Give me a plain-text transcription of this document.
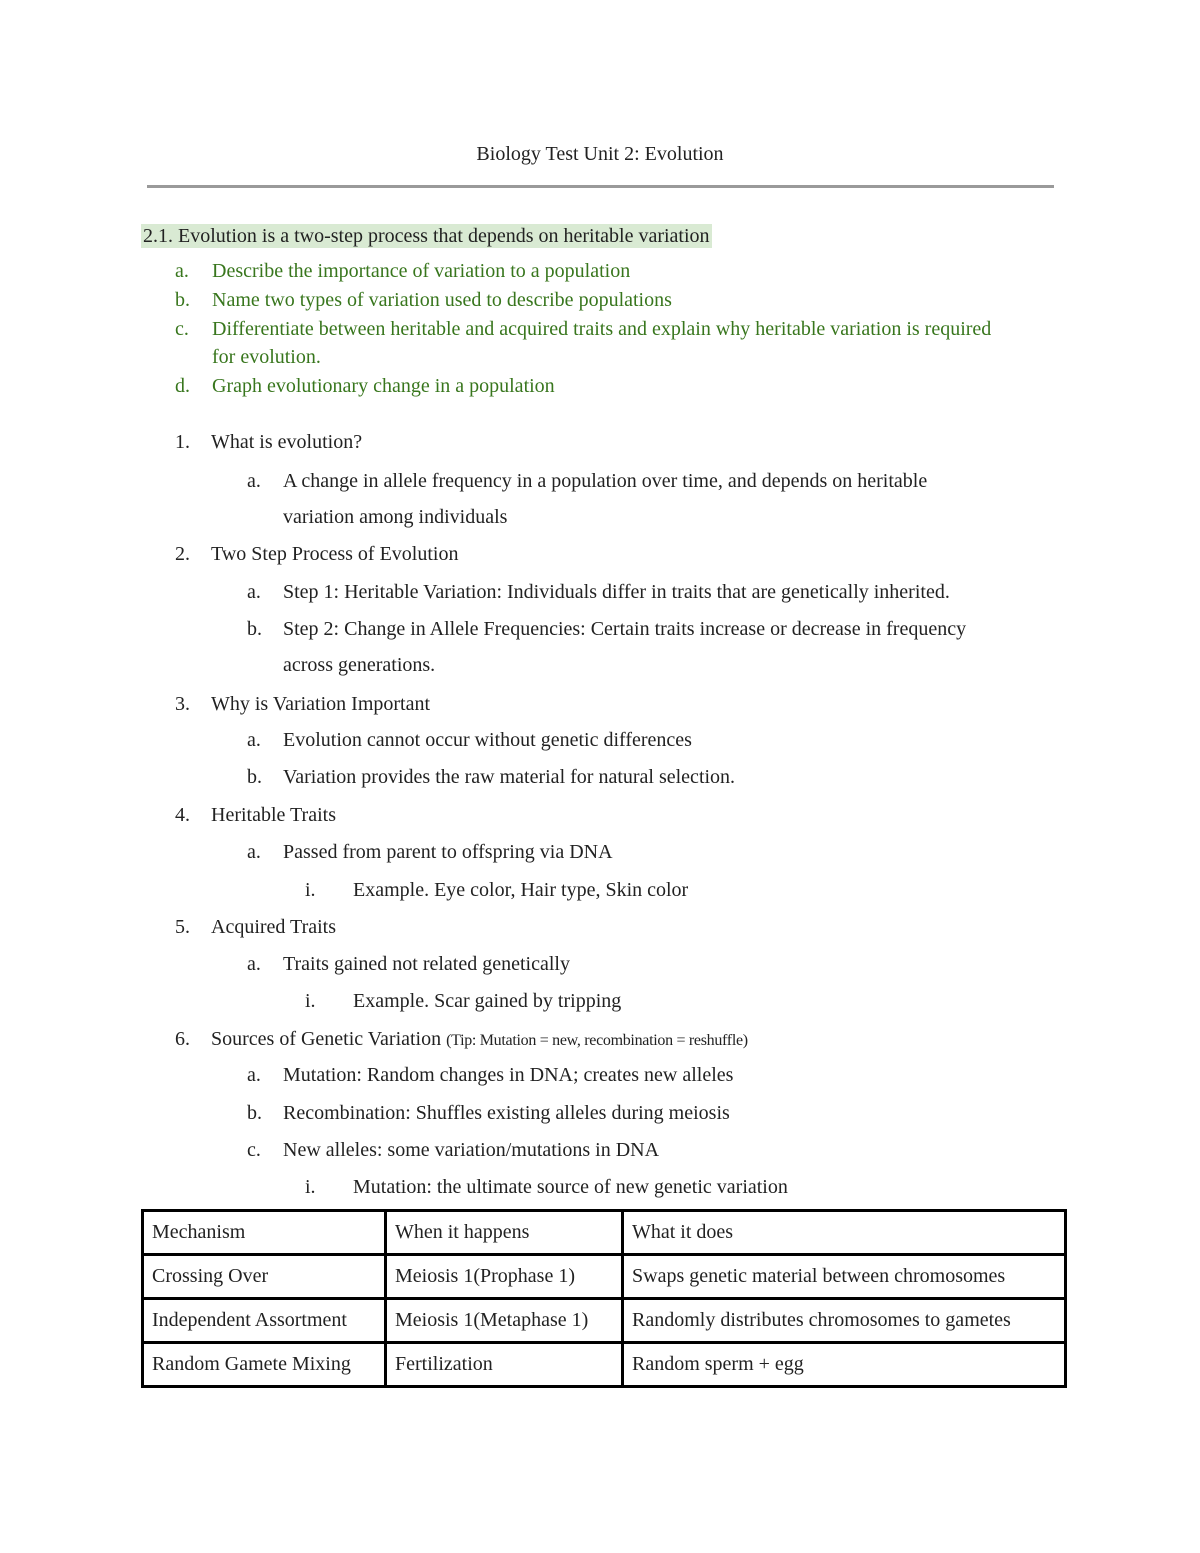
Biology Test Unit 2: Evolution
2.1. Evolution is a two-step process that depends on heritable variation
a. Describe the importance of variation to a population
b. Name two types of variation used to describe populations
c. Differentiate between heritable and acquired traits and explain why heritable variation is required
for evolution.
d. Graph evolutionary change in a population
1. What is evolution?
a. A change in allele frequency in a population over time, and depends on heritable
variation among individuals
2. Two Step Process of Evolution
a. Step 1: Heritable Variation: Individuals differ in traits that are genetically inherited.
b. Step 2: Change in Allele Frequencies: Certain traits increase or decrease in frequency
across generations.
3. Why is Variation Important
a. Evolution cannot occur without genetic differences
b. Variation provides the raw material for natural selection.
4. Heritable Traits
a. Passed from parent to offspring via DNA
i. Example. Eye color, Hair type, Skin color
5. Acquired Traits
a. Traits gained not related genetically
i. Example. Scar gained by tripping
6. Sources of Genetic Variation (Tip: Mutation = new, recombination = reshuffle)
a. Mutation: Random changes in DNA; creates new alleles
b. Recombination: Shuffles existing alleles during meiosis
c. New alleles: some variation/mutations in DNA
i. Mutation: the ultimate source of new genetic variation
Mechanism	When it happens	What it does
Crossing Over	Meiosis 1(Prophase 1)	Swaps genetic material between chromosomes
Independent Assortment	Meiosis 1(Metaphase 1)	Randomly distributes chromosomes to gametes
Random Gamete Mixing	Fertilization	Random sperm + egg
